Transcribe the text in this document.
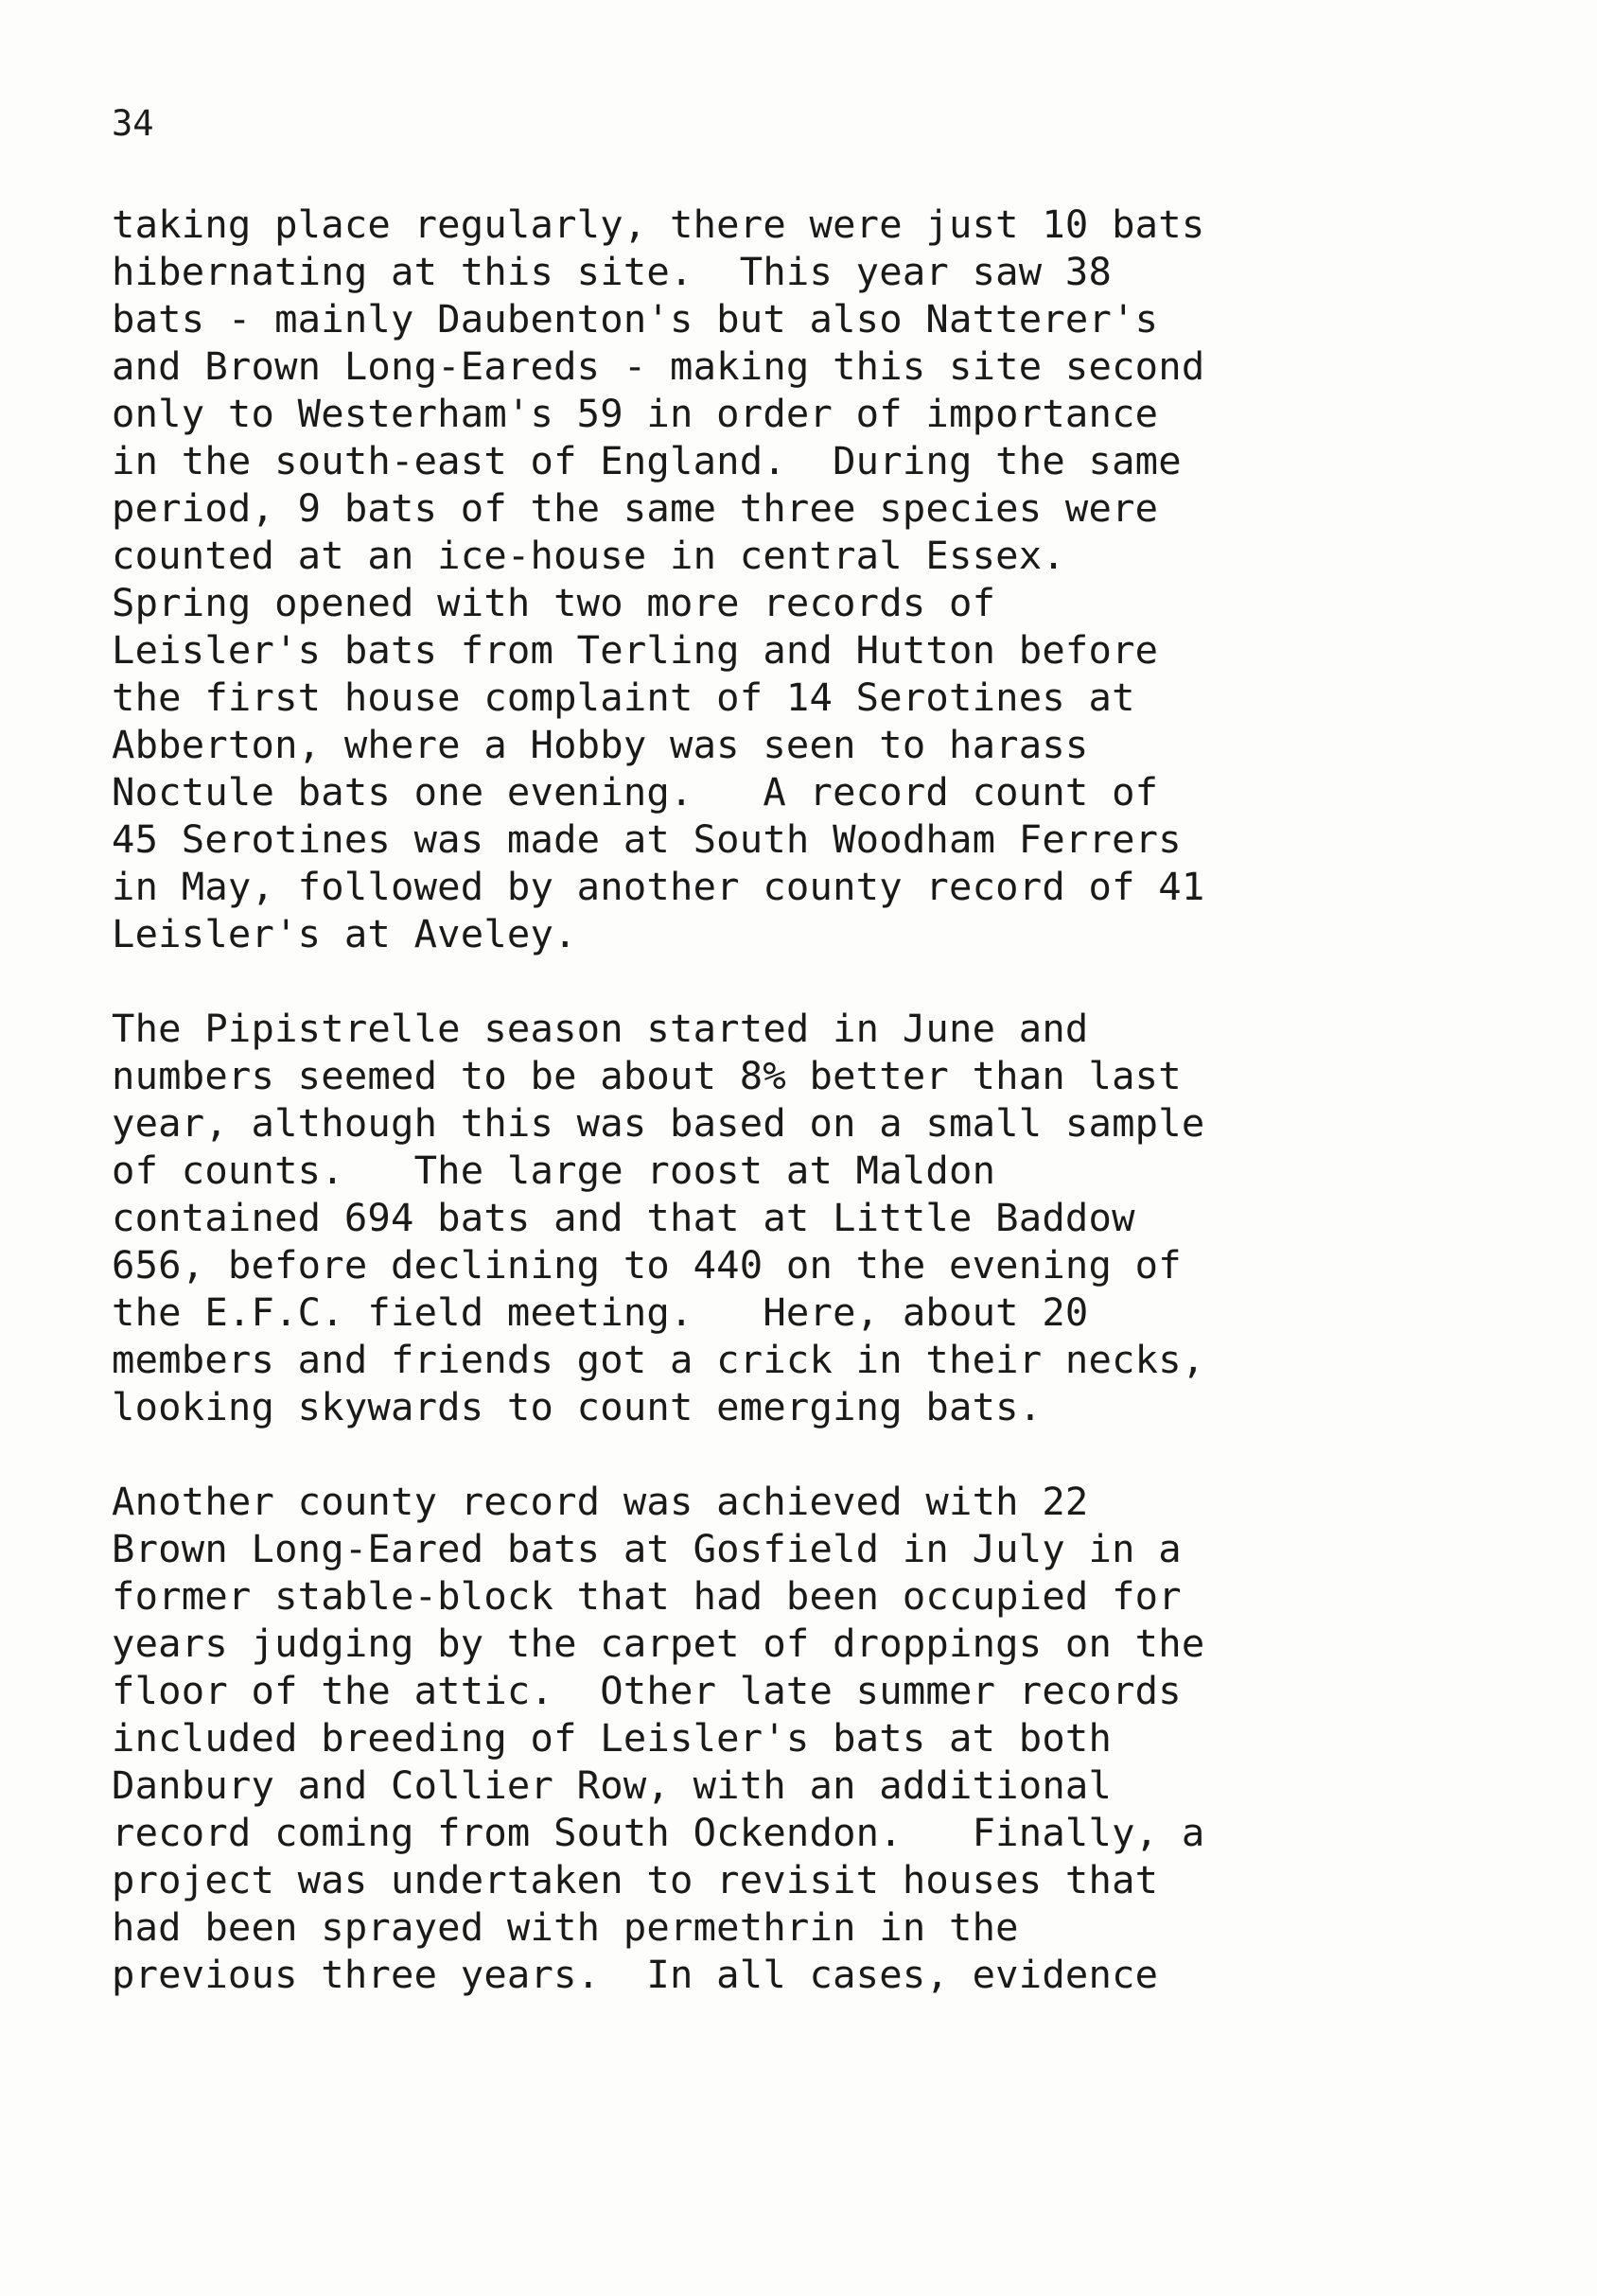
34
taking place regularly, there were just 10 bats
hibernating at this site.  This year saw 38
bats - mainly Daubenton's but also Natterer's
and Brown Long-Eareds - making this site second
only to Westerham's 59 in order of importance
in the south-east of England.  During the same
period, 9 bats of the same three species were
counted at an ice-house in central Essex.
Spring opened with two more records of
Leisler's bats from Terling and Hutton before
the first house complaint of 14 Serotines at
Abberton, where a Hobby was seen to harass
Noctule bats one evening.   A record count of
45 Serotines was made at South Woodham Ferrers
in May, followed by another county record of 41
Leisler's at Aveley.
The Pipistrelle season started in June and
numbers seemed to be about 8% better than last
year, although this was based on a small sample
of counts.   The large roost at Maldon
contained 694 bats and that at Little Baddow
656, before declining to 440 on the evening of
the E.F.C. field meeting.   Here, about 20
members and friends got a crick in their necks,
looking skywards to count emerging bats.
Another county record was achieved with 22
Brown Long-Eared bats at Gosfield in July in a
former stable-block that had been occupied for
years judging by the carpet of droppings on the
floor of the attic.  Other late summer records
included breeding of Leisler's bats at both
Danbury and Collier Row, with an additional
record coming from South Ockendon.   Finally, a
project was undertaken to revisit houses that
had been sprayed with permethrin in the
previous three years.  In all cases, evidence
